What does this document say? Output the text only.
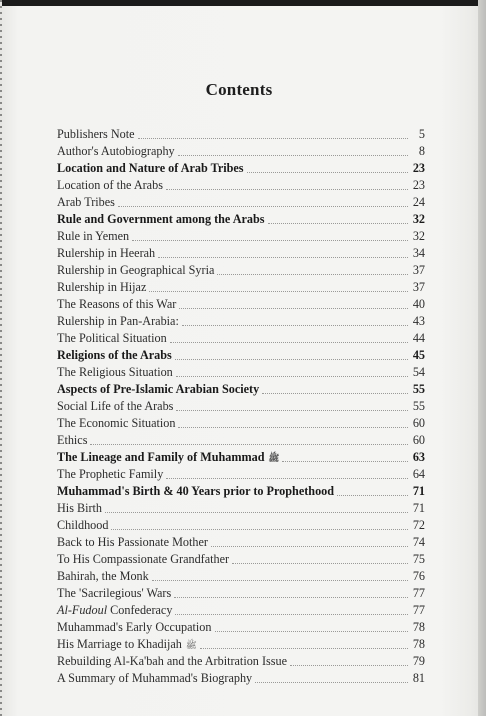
Contents
Publishers Note	5
Author's Autobiography	8
Location and Nature of Arab Tribes	23
Location of the Arabs	23
Arab Tribes	24
Rule and Government among the Arabs	32
Rule in Yemen	32
Rulership in Heerah	34
Rulership in Geographical Syria	37
Rulership in Hijaz	37
The Reasons of this War	40
Rulership in Pan-Arabia:	43
The Political Situation	44
Religions of the Arabs	45
The Religious Situation	54
Aspects of Pre-Islamic Arabian Society	55
Social Life of the Arabs	55
The Economic Situation	60
Ethics	60
The Lineage and Family of Muhammad ﷺ	63
The Prophetic Family	64
Muhammad's Birth & 40 Years prior to Prophethood	71
His Birth	71
Childhood	72
Back to His Passionate Mother	74
To His Compassionate Grandfather	75
Bahirah, the Monk	76
The 'Sacrilegious' Wars	77
Al-Fudoul Confederacy	77
Muhammad's Early Occupation	78
His Marriage to Khadijah ﷺ	78
Rebuilding Al-Ka'bah and the Arbitration Issue	79
A Summary of Muhammad's Biography	81
